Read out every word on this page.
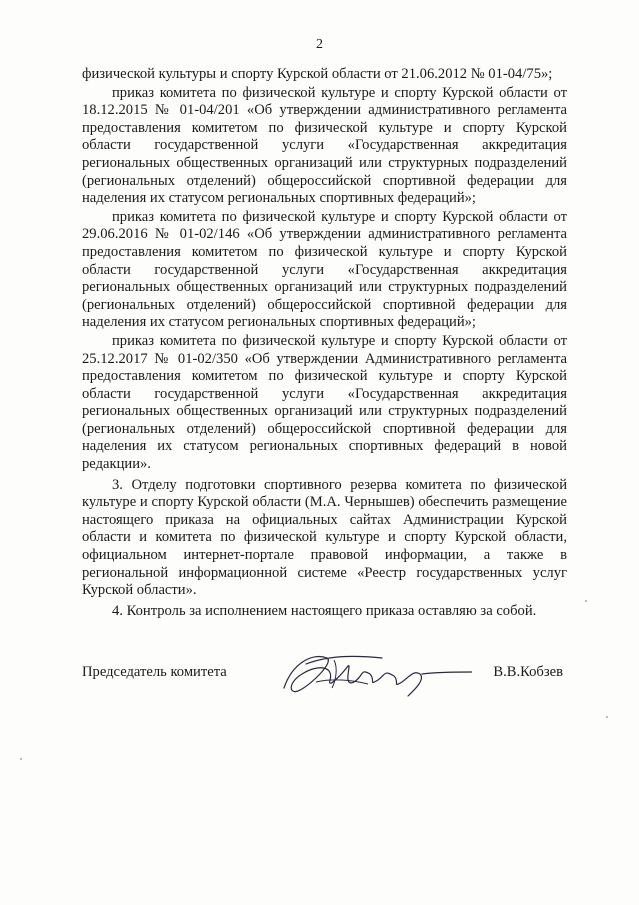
2

физической культуры и спорту Курской области от 21.06.2012 № 01-04/75»;

приказ комитета по физической культуре и спорту Курской области от 18.12.2015 № 01-04/201 «Об утверждении административного регламента предоставления комитетом по физической культуре и спорту Курской области государственной услуги «Государственная аккредитация региональных общественных организаций или структурных подразделений (региональных отделений) общероссийской спортивной федерации для наделения их статусом региональных спортивных федераций»;

приказ комитета по физической культуре и спорту Курской области от 29.06.2016 № 01-02/146 «Об утверждении административного регламента предоставления комитетом по физической культуре и спорту Курской области государственной услуги «Государственная аккредитация региональных общественных организаций или структурных подразделений (региональных отделений) общероссийской спортивной федерации для наделения их статусом региональных спортивных федераций»;

приказ комитета по физической культуре и спорту Курской области от 25.12.2017 № 01-02/350 «Об утверждении Административного регламента предоставления комитетом по физической культуре и спорту Курской области государственной услуги «Государственная аккредитация региональных общественных организаций или структурных подразделений (региональных отделений) общероссийской спортивной федерации для наделения их статусом региональных спортивных федераций в новой редакции».

3. Отделу подготовки спортивного резерва комитета по физической культуре и спорту Курской области (М.А. Чернышев) обеспечить размещение настоящего приказа на официальных сайтах Администрации Курской области и комитета по физической культуре и спорту Курской области, официальном интернет-портале правовой информации, а также в региональной информационной системе «Реестр государственных услуг Курской области».

4. Контроль за исполнением настоящего приказа оставляю за собой.

Председатель комитета	В.В.Кобзев
